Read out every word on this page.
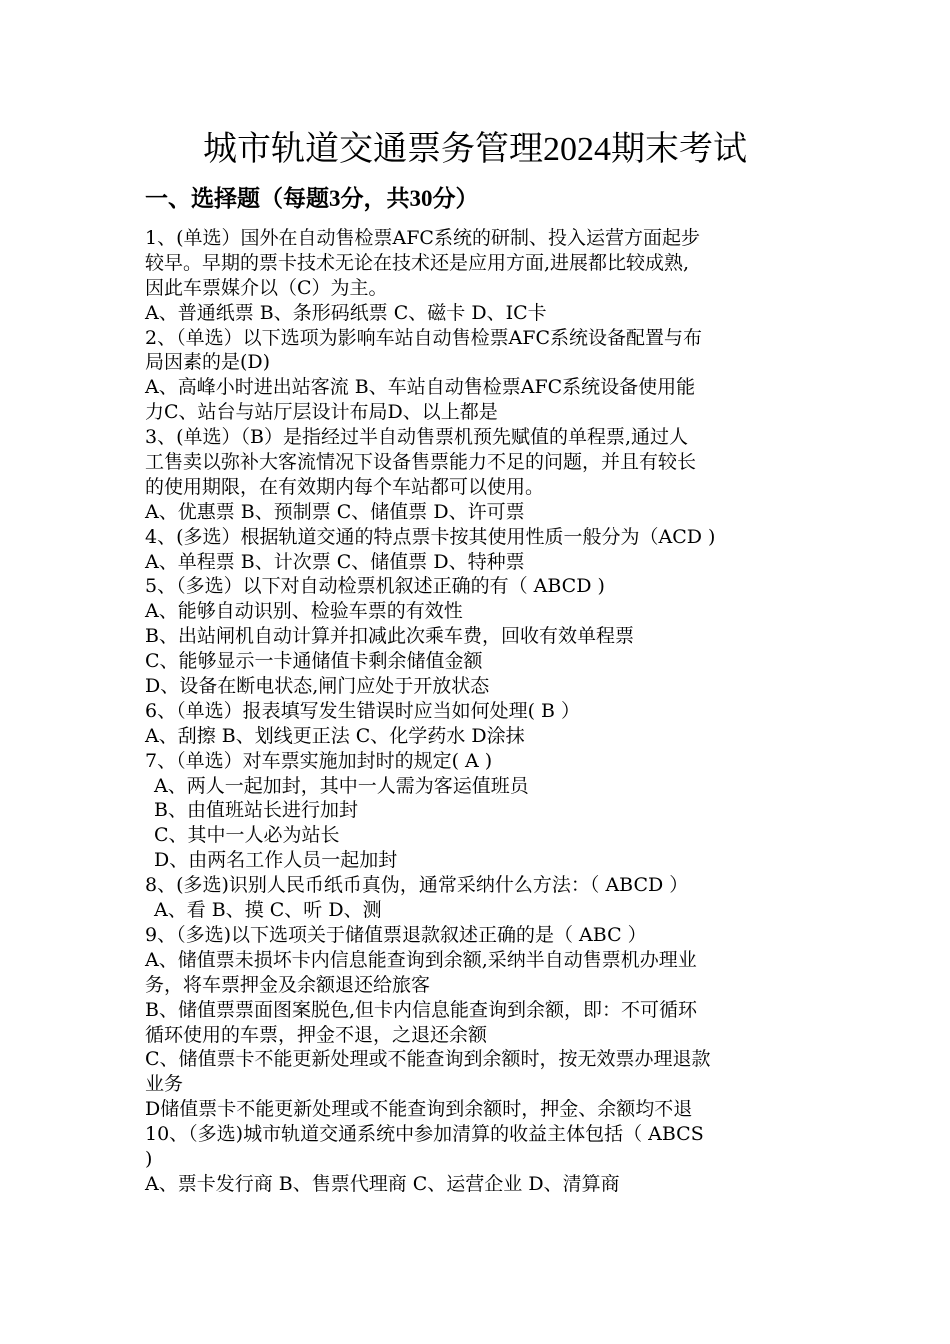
城市轨道交通票务管理2024期末考试
一、选择题（每题3分，共30分）
1、(单选）国外在自动售检票AFC系统的研制、投入运营方面起步
较早。早期的票卡技术无论在技术还是应用方面,进展都比较成熟,
因此车票媒介以（C）为主。
A、普通纸票 B、条形码纸票 C、磁卡 D、IC卡
2、（单选）以下选项为影响车站自动售检票AFC系统设备配置与布
局因素的是(D)
A、高峰小时进出站客流 B、车站自动售检票AFC系统设备使用能
力C、站台与站厅层设计布局D、以上都是
3、(单选）（B）是指经过半自动售票机预先赋值的单程票,通过人
工售卖以弥补大客流情况下设备售票能力不足的问题，并且有较长
的使用期限，在有效期内每个车站都可以使用。
A、优惠票 B、预制票 C、储值票 D、许可票
4、(多选）根据轨道交通的特点票卡按其使用性质一般分为（ACD )
A、单程票 B、计次票 C、储值票 D、特种票
5、（多选）以下对自动检票机叙述正确的有（ ABCD )
A、能够自动识别、检验车票的有效性
B、出站闸机自动计算并扣减此次乘车费，回收有效单程票
C、能够显示一卡通储值卡剩余储值金额
D、设备在断电状态,闸门应处于开放状态
6、（单选）报表填写发生错误时应当如何处理( B ）
A、刮擦 B、划线更正法 C、化学药水 D涂抹
7、（单选）对车票实施加封时的规定( A )
A、两人一起加封，其中一人需为客运值班员
B、由值班站长进行加封
C、其中一人必为站长
D、由两名工作人员一起加封
8、(多选)识别人民币纸币真伪，通常采纳什么方法：（ ABCD ）
A、看 B、摸 C、听 D、测
9、（多选)以下选项关于储值票退款叙述正确的是（ ABC ）
A、储值票未损坏卡内信息能查询到余额,采纳半自动售票机办理业
务，将车票押金及余额退还给旅客
B、储值票票面图案脱色,但卡内信息能查询到余额，即：不可循环
循环使用的车票，押金不退，之退还余额
C、储值票卡不能更新处理或不能查询到余额时，按无效票办理退款
业务
D储值票卡不能更新处理或不能查询到余额时，押金、余额均不退
10、（多选)城市轨道交通系统中参加清算的收益主体包括（ ABCS
)
A、票卡发行商 B、售票代理商 C、运营企业 D、清算商
